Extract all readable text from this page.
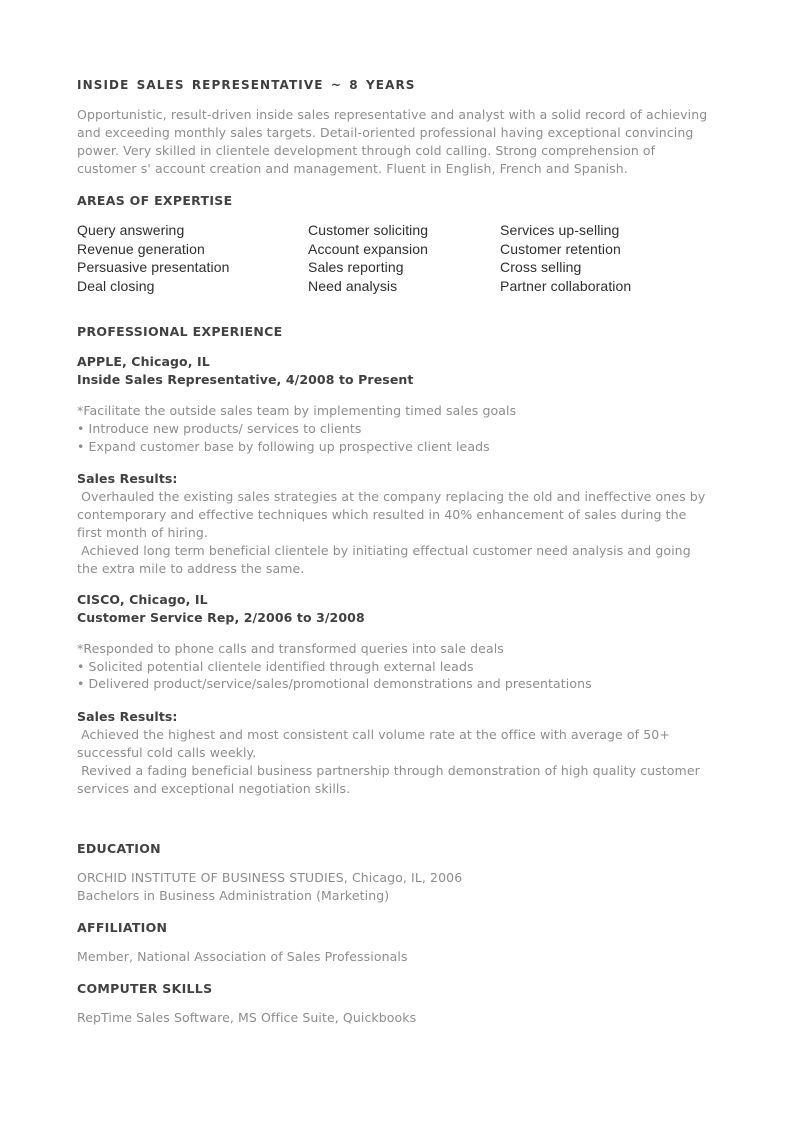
INSIDE SALES REPRESENTATIVE ~ 8 YEARS

Opportunistic, result-driven inside sales representative and analyst with a solid record of achieving and exceeding monthly sales targets. Detail-oriented professional having exceptional convincing power. Very skilled in clientele development through cold calling. Strong comprehension of customer s' account creation and management. Fluent in English, French and Spanish.

AREAS OF EXPERTISE
Query answering
Revenue generation
Persuasive presentation
Deal closing
Customer soliciting
Account expansion
Sales reporting
Need analysis
Services up-selling
Customer retention
Cross selling
Partner collaboration
PROFESSIONAL EXPERIENCE
APPLE, Chicago, IL
Inside Sales Representative, 4/2008 to Present
*Facilitate the outside sales team by implementing timed sales goals
• Introduce new products/ services to clients
• Expand customer base by following up prospective client leads
Sales Results:

Overhauled the existing sales strategies at the company replacing the old and ineffective ones by contemporary and effective techniques which resulted in 40% enhancement of sales during the first month of hiring.

Achieved long term beneficial clientele by initiating effectual customer need analysis and going the extra mile to address the same.

CISCO, Chicago, IL
Customer Service Rep, 2/2006 to 3/2008
*Responded to phone calls and transformed queries into sale deals
• Solicited potential clientele identified through external leads
• Delivered product/service/sales/promotional demonstrations and presentations
Sales Results:

Achieved the highest and most consistent call volume rate at the office with average of 50+ successful cold calls weekly.

Revived a fading beneficial business partnership through demonstration of high quality customer services and exceptional negotiation skills.

EDUCATION
ORCHID INSTITUTE OF BUSINESS STUDIES, Chicago, IL, 2006
Bachelors in Business Administration (Marketing)
AFFILIATION
Member, National Association of Sales Professionals
COMPUTER SKILLS
RepTime Sales Software, MS Office Suite, Quickbooks
